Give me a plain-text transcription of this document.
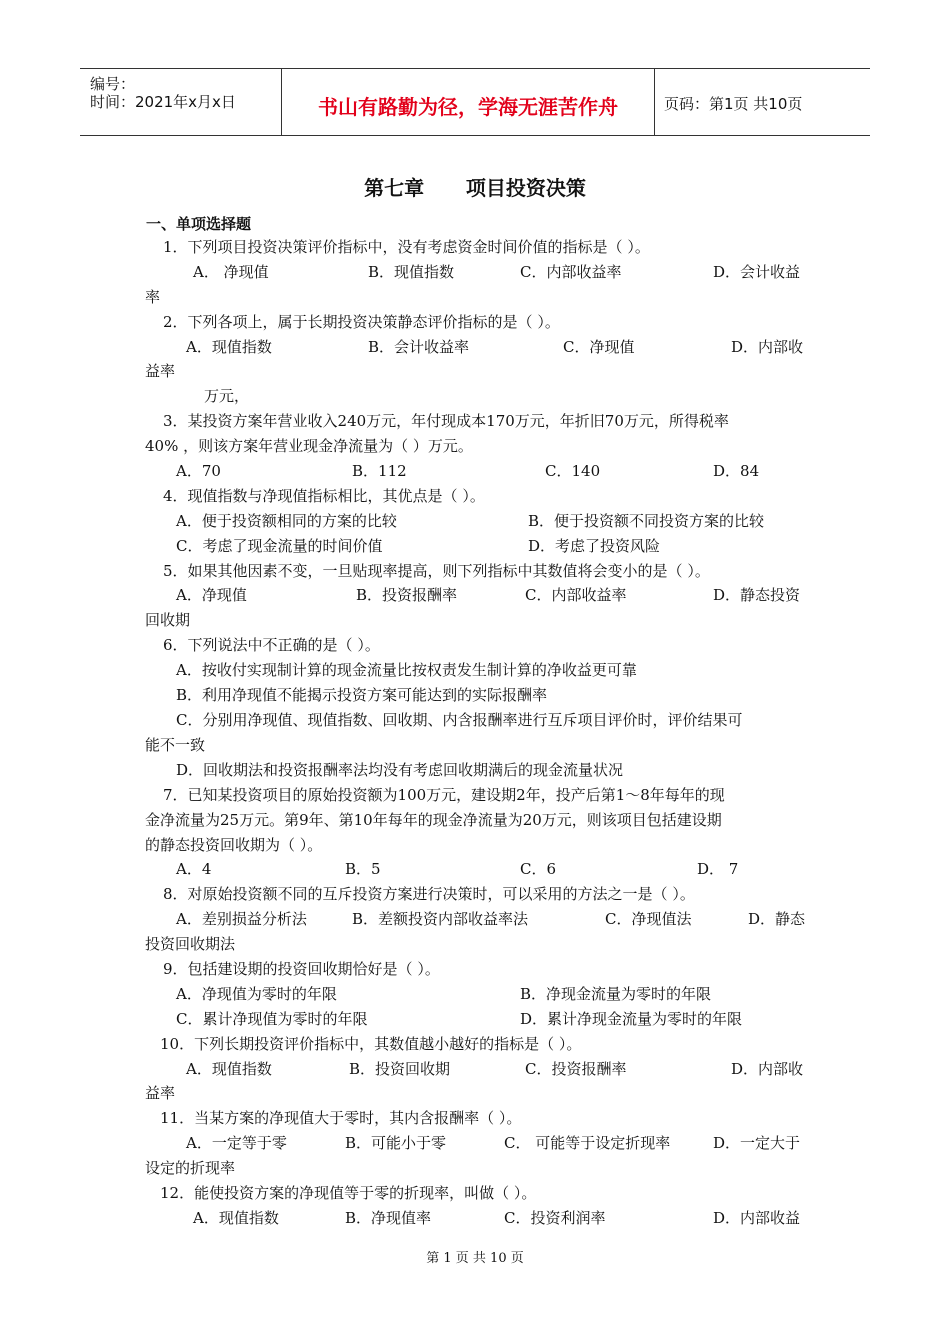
编号：
时间：2021年x月x日	书山有路勤为径，学海无涯苦作舟	页码：第1页 共10页
第七章      项目投资决策
一、单项选择题
1．下列项目投资决策评价指标中，没有考虑资金时间价值的指标是（ ）。
A． 净现值	B．现值指数	C．内部收益率	D．会计收益
率
2．下列各项上，属于长期投资决策静态评价指标的是（ ）。
A．现值指数	B．会计收益率	C．净现值	D．内部收
益率
万元，
3．某投资方案年营业收入240万元，年付现成本170万元，年折旧70万元，所得税率
40% ，则该方案年营业现金净流量为（ ）万元。
A．70	B．112	C．140	D．84
4．现值指数与净现值指标相比，其优点是（ ）。
A．便于投资额相同的方案的比较	B．便于投资额不同投资方案的比较
C．考虑了现金流量的时间价值	D．考虑了投资风险
5．如果其他因素不变，一旦贴现率提高，则下列指标中其数值将会变小的是（ ）。
A．净现值	B．投资报酬率	C．内部收益率	D．静态投资
回收期
6．下列说法中不正确的是（ ）。
A．按收付实现制计算的现金流量比按权责发生制计算的净收益更可靠
B．利用净现值不能揭示投资方案可能达到的实际报酬率
C．分别用净现值、现值指数、回收期、内含报酬率进行互斥项目评价时，评价结果可
能不一致
D．回收期法和投资报酬率法均没有考虑回收期满后的现金流量状况
7．已知某投资项目的原始投资额为100万元，建设期2年，投产后第1～8年每年的现
金净流量为25万元。第9年、第10年每年的现金净流量为20万元，则该项目包括建设期
的静态投资回收期为（ ）。
A．4	B．5	C．6	D． 7
8．对原始投资额不同的互斥投资方案进行决策时，可以采用的方法之一是（ ）。
A．差别损益分析法	B．差额投资内部收益率法	C．净现值法	D．静态
投资回收期法
9．包括建设期的投资回收期恰好是（ ）。
A．净现值为零时的年限	B．净现金流量为零时的年限
C．累计净现值为零时的年限	D．累计净现金流量为零时的年限
10．下列长期投资评价指标中，其数值越小越好的指标是（ ）。
A．现值指数	B．投资回收期	C．投资报酬率	D．内部收
益率
11．当某方案的净现值大于零时，其内含报酬率（ ）。
A．一定等于零	B．可能小于零	C． 可能等于设定折现率	D．一定大于
设定的折现率
12．能使投资方案的净现值等于零的折现率，叫做（ ）。
A．现值指数	B．净现值率	C．投资利润率	D．内部收益
第 1 页 共 10 页
